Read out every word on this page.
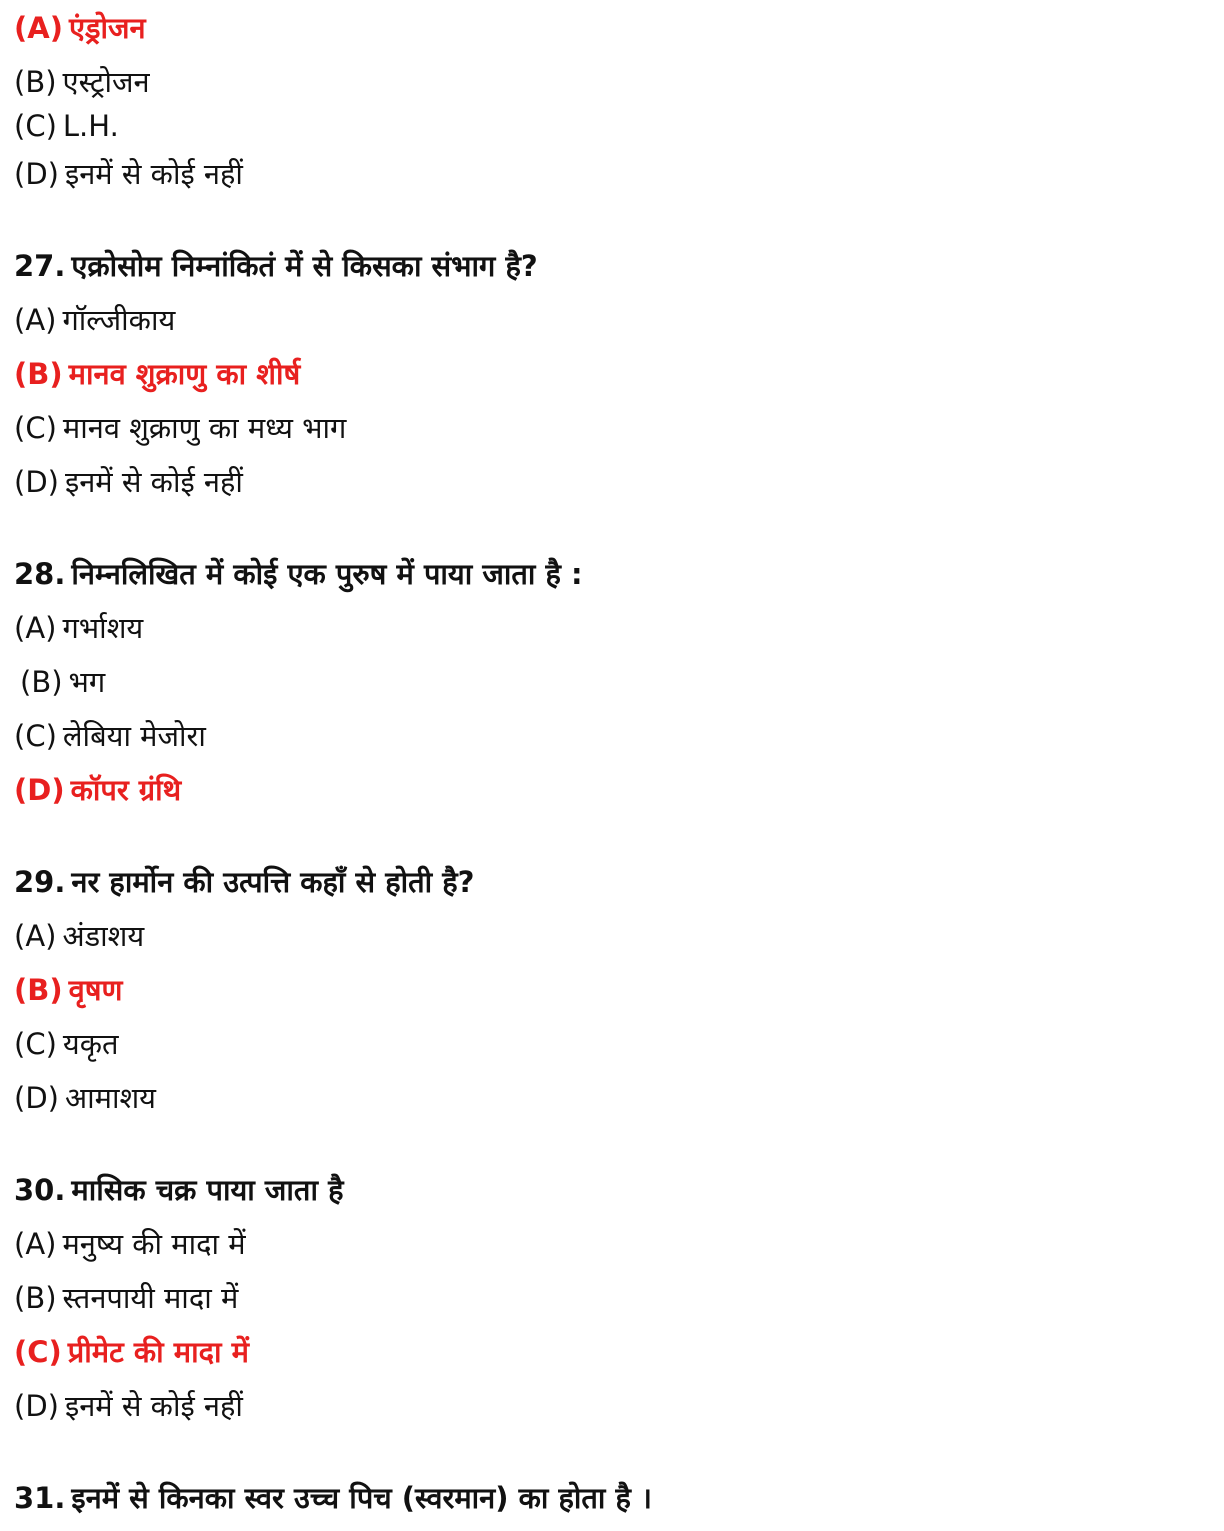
(A) एंड्रोजन
(B) एस्ट्रोजन
(C) L.H.
(D) इनमें से कोई नहीं
27. एक्रोसोम निम्नांकितं में से किसका संभाग है?
(A) गॉल्जीकाय
(B) मानव शुक्राणु का शीर्ष
(C) मानव शुक्राणु का मध्य भाग
(D) इनमें से कोई नहीं
28. निम्नलिखित में कोई एक पुरुष में पाया जाता है :
(A) गर्भाशय
(B) भग
(C) लेबिया मेजोरा
(D) कॉपर ग्रंथि
29. नर हार्मोन की उत्पत्ति कहाँ से होती है?
(A) अंडाशय
(B) वृषण
(C) यकृत
(D) आमाशय
30. मासिक चक्र पाया जाता है
(A) मनुष्य की मादा में
(B) स्तनपायी मादा में
(C) प्रीमेट की मादा में
(D) इनमें से कोई नहीं
31. इनमें से किनका स्वर उच्च पिच (स्वरमान) का होता है ।
